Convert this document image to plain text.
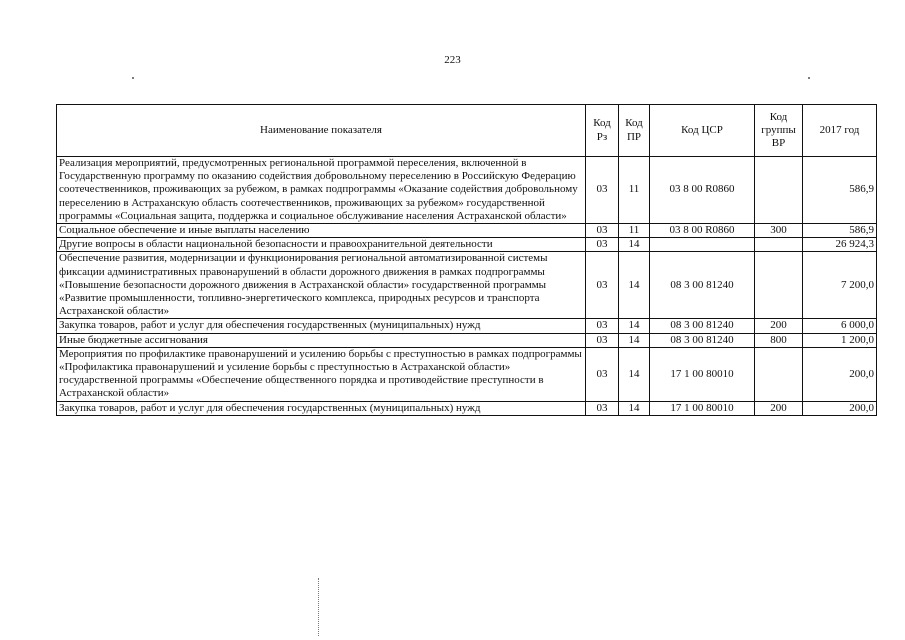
223
Наименование показателя	Код Рз	Код ПР	Код ЦСР	Код группы ВР	2017 год
Реализация мероприятий, предусмотренных региональной программой переселения, включенной в Государственную программу по оказанию содействия добровольному переселению в Российскую Федерацию соотечественников, проживающих за рубежом, в рамках подпрограммы «Оказание содействия добровольному переселению в Астраханскую область соотечественников, проживающих за рубежом» государственной программы «Социальная защита, поддержка и социальное обслуживание населения Астраханской области»	03	11	03 8 00 R0860		586,9
Социальное обеспечение и иные выплаты населению	03	11	03 8 00 R0860	300	586,9
Другие вопросы в области национальной безопасности и правоохранительной деятельности	03	14			26 924,3
Обеспечение развития, модернизации и функционирования региональной автоматизированной системы фиксации административных правонарушений в области дорожного движения в рамках подпрограммы «Повышение безопасности дорожного движения в Астраханской области» государственной программы «Развитие промышленности, топливно-энергетического комплекса, природных ресурсов и транспорта Астраханской области»	03	14	08 3 00 81240		7 200,0
Закупка товаров, работ и услуг для обеспечения государственных (муниципальных) нужд	03	14	08 3 00 81240	200	6 000,0
Иные бюджетные ассигнования	03	14	08 3 00 81240	800	1 200,0
Мероприятия по профилактике правонарушений и усилению борьбы с преступностью в рамках подпрограммы «Профилактика правонарушений и усиление борьбы с преступностью в Астраханской области» государственной программы «Обеспечение общественного порядка и противодействие преступности в Астраханской области»	03	14	17 1 00 80010		200,0
Закупка товаров, работ и услуг для обеспечения государственных (муниципальных) нужд	03	14	17 1 00 80010	200	200,0
